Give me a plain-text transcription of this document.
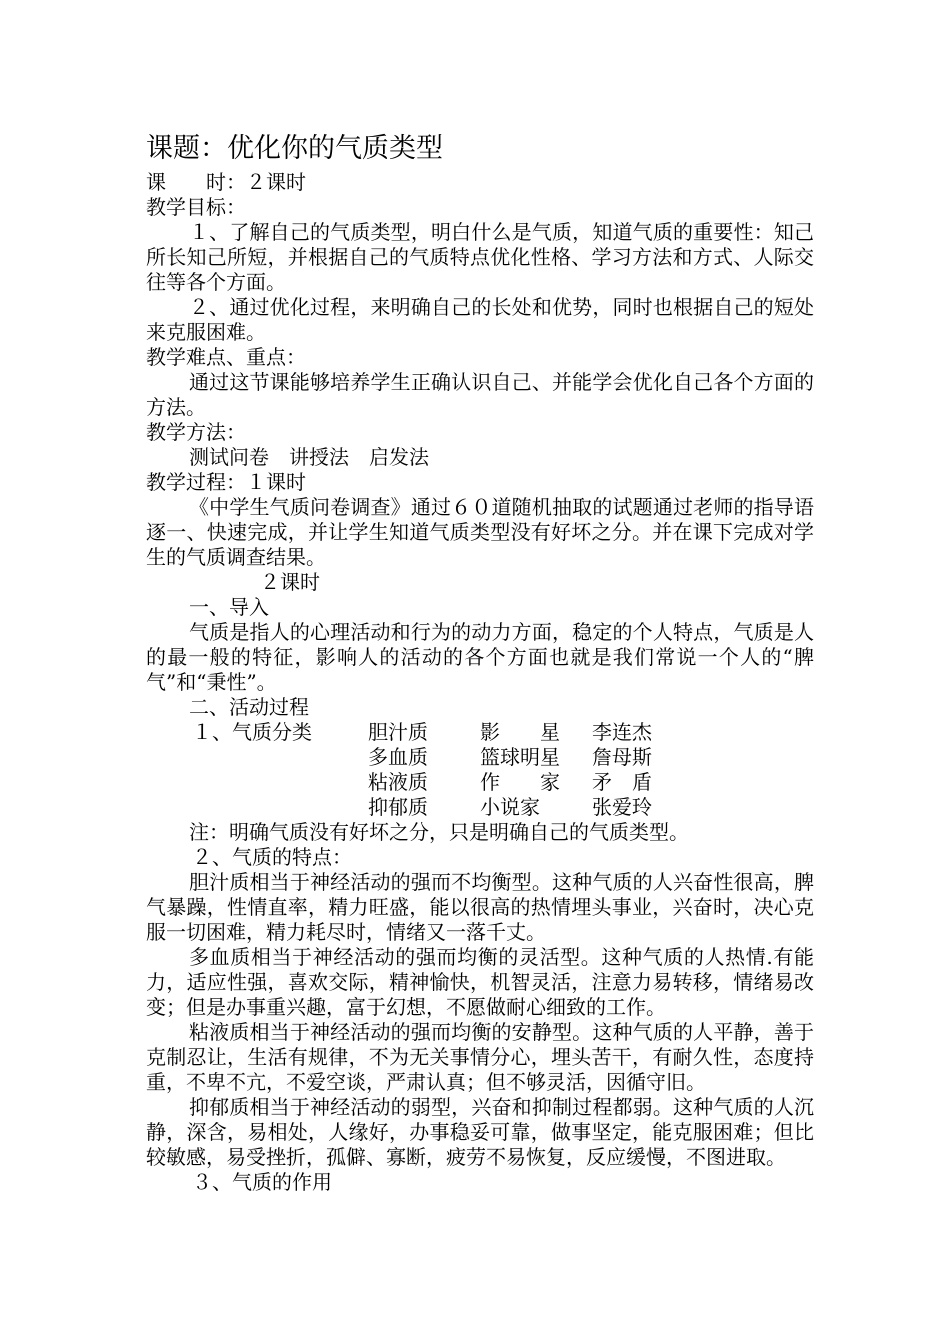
课题：优化你的气质类型
课　　时：２课时
教学目标：
１、了解自己的气质类型，明白什么是气质，知道气质的重要性：知己所长知己所短，并根据自己的气质特点优化性格、学习方法和方式、人际交往等各个方面。
２、通过优化过程，来明确自己的长处和优势，同时也根据自己的短处来克服困难。
教学难点、重点：
通过这节课能够培养学生正确认识自己、并能学会优化自己各个方面的方法。
教学方法：
测试问卷　讲授法　启发法
教学过程：１课时
《中学生气质问卷调查》通过６０道随机抽取的试题通过老师的指导语逐一、快速完成，并让学生知道气质类型没有好坏之分。并在课下完成对学生的气质调查结果。
２课时
一、导入
气质是指人的心理活动和行为的动力方面，稳定的个人特点，气质是人的最一般的特征，影响人的活动的各个方面也就是我们常说一个人的“脾气”和“秉性”。
二、活动过程
１、气质分类	胆汁质	影　　星 李连杰
多血质	篮球明星 詹母斯
粘液质	作　　家 矛　盾
抑郁质	小说家	张爱玲
注：明确气质没有好坏之分，只是明确自己的气质类型。
２、气质的特点：
胆汁质相当于神经活动的强而不均衡型。这种气质的人兴奋性很高，脾气暴躁，性情直率，精力旺盛，能以很高的热情埋头事业，兴奋时，决心克服一切困难，精力耗尽时，情绪又一落千丈。
多血质相当于神经活动的强而均衡的灵活型。这种气质的人热情.有能力，适应性强，喜欢交际，精神愉快，机智灵活，注意力易转移，情绪易改变；但是办事重兴趣，富于幻想，不愿做耐心细致的工作。
粘液质相当于神经活动的强而均衡的安静型。这种气质的人平静，善于克制忍让，生活有规律，不为无关事情分心，埋头苦干，有耐久性，态度持重，不卑不亢，不爱空谈，严肃认真；但不够灵活，因循守旧。
抑郁质相当于神经活动的弱型，兴奋和抑制过程都弱。这种气质的人沉静，深含，易相处，人缘好，办事稳妥可靠，做事坚定，能克服困难；但比较敏感，易受挫折，孤僻、寡断，疲劳不易恢复，反应缓慢，不图进取。
３、气质的作用
